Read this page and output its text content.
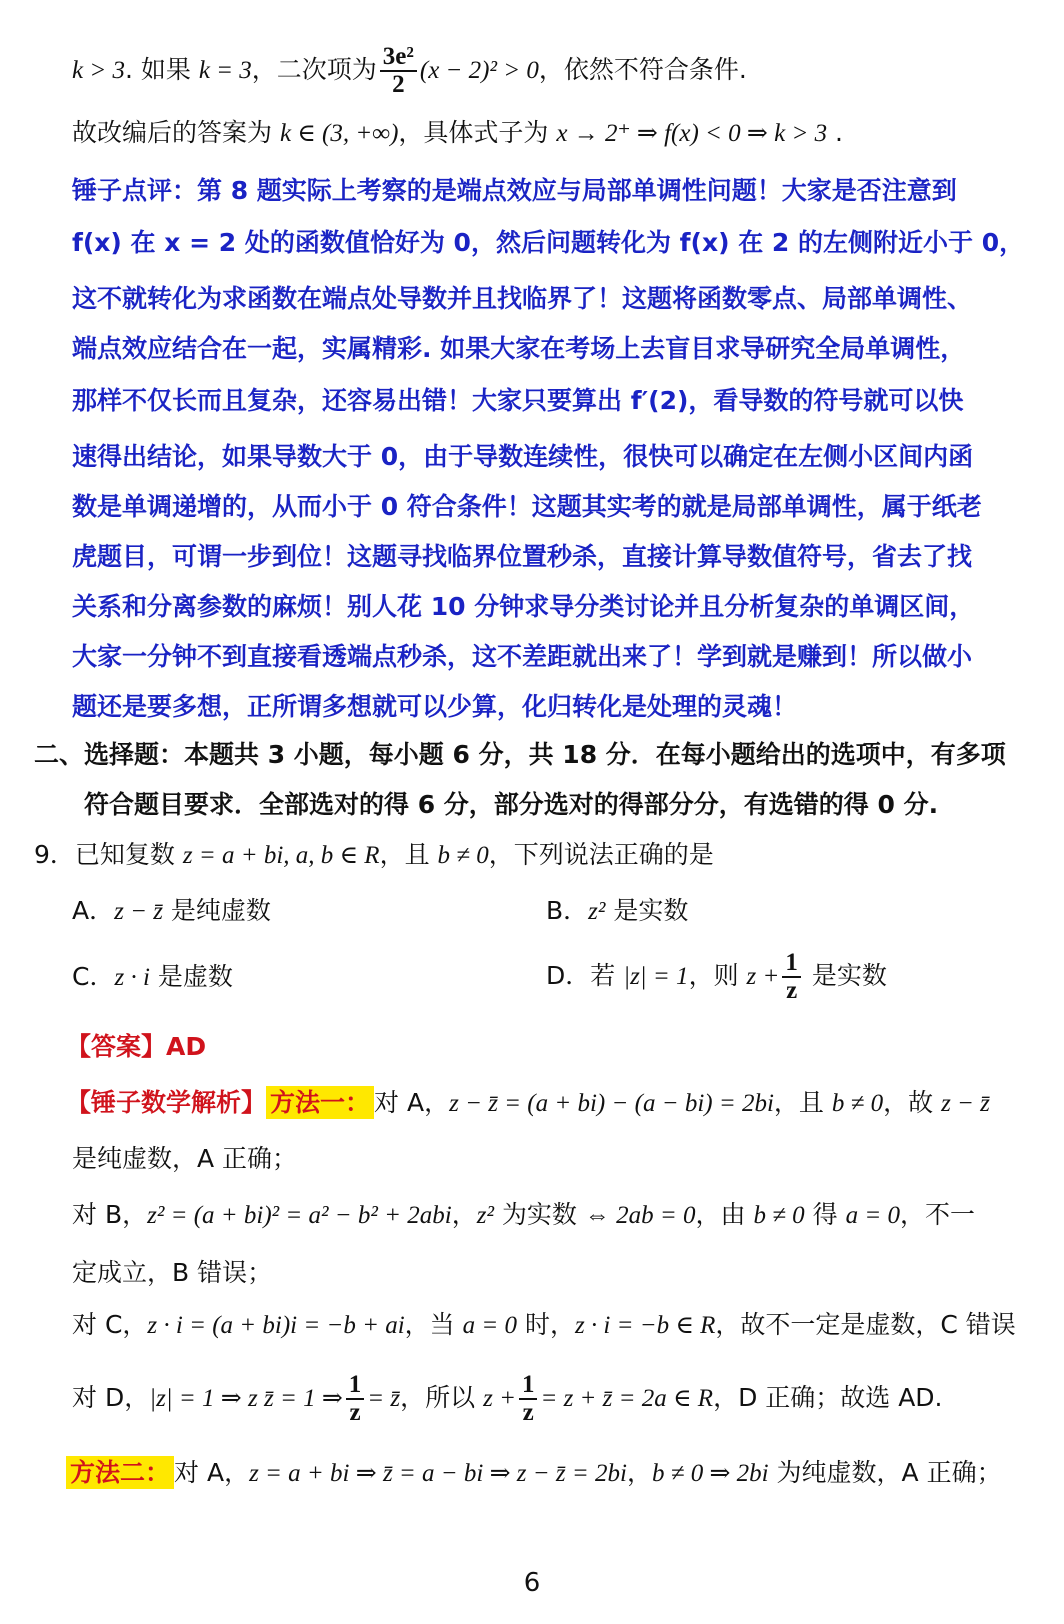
k > 3. 如果 k = 3，二次项为 $\frac{\text{3e²}}{2} (x - 2)^2 > 0$，依然不符合条件.
故改编后的答案为 k ∈ (3, +∞)，具体式子为 x → 2⁺ ⇒ f(x) < 0 ⇒ k > 3 .
锤子点评：第 8 题实际上考察的是端点效应与局部单调性问题！大家是否注意到
f(x) 在 x = 2 处的函数值恰好为 0，然后问题转化为 f(x) 在 2 的左侧附近小于 0，
这不就转化为求函数在端点处导数并且找临界了！这题将函数零点、局部单调性、
端点效应结合在一起，实属精彩. 如果大家在考场上去盲目求导研究全局单调性，
那样不仅长而且复杂，还容易出错！大家只要算出 f′(2)，看导数的符号就可以快
速得出结论，如果导数大于 0，由于导数连续性，很快可以确定在左侧小区间内函
数是单调递增的，从而小于 0 符合条件！这题其实考的就是局部单调性，属于纸老
虎题目，可谓一步到位！这题寻找临界位置秒杀，直接计算导数值符号，省去了找
关系和分离参数的麻烦！别人花 10 分钟求导分类讨论并且分析复杂的单调区间，
大家一分钟不到直接看透端点秒杀，这不差距就出来了！学到就是赚到！所以做小
题还是要多想，正所谓多想就可以少算，化归转化是处理的灵魂！
二、选择题：本题共 3 小题，每小题 6 分，共 18 分．在每小题给出的选项中，有多项
符合题目要求．全部选对的得 6 分，部分选对的得部分分，有选错的得 0 分.
9．已知复数 z = a + bi, a, b ∈ R，且 b ≠ 0，下列说法正确的是
A．z − z̄ 是纯虚数	B．z² 是实数
C．z · i 是虚数	D．若 |z| = 1，则 $z + \frac{1}{z}$ 是实数
【答案】AD
【锤子数学解析】 方法一： 对 A，z − z̄ = (a + bi) − (a − bi) = 2bi，且 b ≠ 0，故 z − z̄
是纯虚数，A 正确；
对 B，z² = (a + bi)² = a² − b² + 2abi，z² 为实数 ⇔ 2ab = 0，由 b ≠ 0 得 a = 0，不一
定成立，B 错误；
对 C，z · i = (a + bi)i = −b + ai，当 a = 0 时，z · i = −b ∈ R，故不一定是虚数，C 错误
对 D，|z| = 1 ⇒ z z̄ = 1 ⇒ $\frac{1}{z}$ = z̄，所以 $z + \frac{1}{z} = z$ + z̄ = 2a ∈ R，D 正确；故选 AD.
方法二： 对 A，z = a + bi ⇒ z̄ = a − bi ⇒ z − z̄ = 2bi，b ≠ 0 ⇒ 2bi 为纯虚数，A 正确；
6
